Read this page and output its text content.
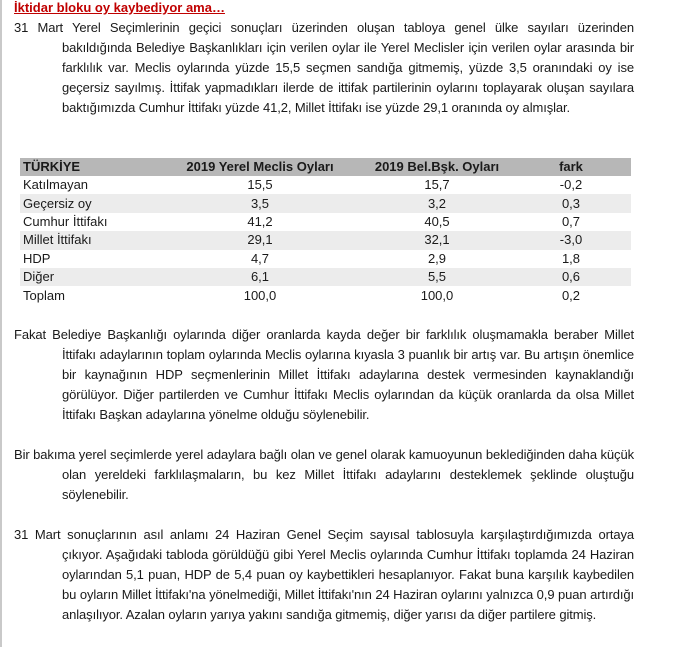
İktidar bloku oy kaybediyor ama…

31 Mart Yerel Seçimlerinin geçici sonuçları üzerinden oluşan tabloya genel ülke sayıları üzerinden bakıldığında Belediye Başkanlıkları için verilen oylar ile Yerel Meclisler için verilen oylar arasında bir farklılık var. Meclis oylarında yüzde 15,5 seçmen sandığa gitmemiş, yüzde 3,5 oranındaki oy ise geçersiz sayılmış. İttifak yapmadıkları ilerde de ittifak partilerinin oylarını toplayarak oluşan sayılara baktığımızda Cumhur İttifakı yüzde 41,2, Millet İttifakı ise yüzde 29,1 oranında oy almışlar.

TÜRKİYE	2019 Yerel Meclis Oyları	2019 Bel.Bşk. Oyları	fark
Katılmayan	15,5	15,7	-0,2
Geçersiz oy	3,5	3,2	0,3
Cumhur İttifakı	41,2	40,5	0,7
Millet İttifakı	29,1	32,1	-3,0
HDP	4,7	2,9	1,8
Diğer	6,1	5,5	0,6
Toplam	100,0	100,0	0,2

Fakat Belediye Başkanlığı oylarında diğer oranlarda kayda değer bir farklılık oluşmamakla beraber Millet İttifakı adaylarının toplam oylarında Meclis oylarına kıyasla 3 puanlık bir artış var. Bu artışın önemlice bir kaynağının HDP seçmenlerinin Millet İttifakı adaylarına destek vermesinden kaynaklandığı görülüyor. Diğer partilerden ve Cumhur İttifakı Meclis oylarından da küçük oranlarda da olsa Millet İttifakı Başkan adaylarına yönelme olduğu söylenebilir.

Bir bakıma yerel seçimlerde yerel adaylara bağlı olan ve genel olarak kamuoyunun beklediğinden daha küçük olan yereldeki farklılaşmaların, bu kez Millet İttifakı adaylarını desteklemek şeklinde oluştuğu söylenebilir.

31 Mart sonuçlarının asıl anlamı 24 Haziran Genel Seçim sayısal tablosuyla karşılaştırdığımızda ortaya çıkıyor. Aşağıdaki tabloda görüldüğü gibi Yerel Meclis oylarında Cumhur İttifakı toplamda 24 Haziran oylarından 5,1 puan, HDP de 5,4 puan oy kaybettikleri hesaplanıyor. Fakat buna karşılık kaybedilen bu oyların Millet İttifakı'na yönelmediği, Millet İttifakı'nın 24 Haziran oylarını yalnızca 0,9 puan artırdığı anlaşılıyor. Azalan oyların yarıya yakını sandığa gitmemiş, diğer yarısı da diğer partilere gitmiş.
